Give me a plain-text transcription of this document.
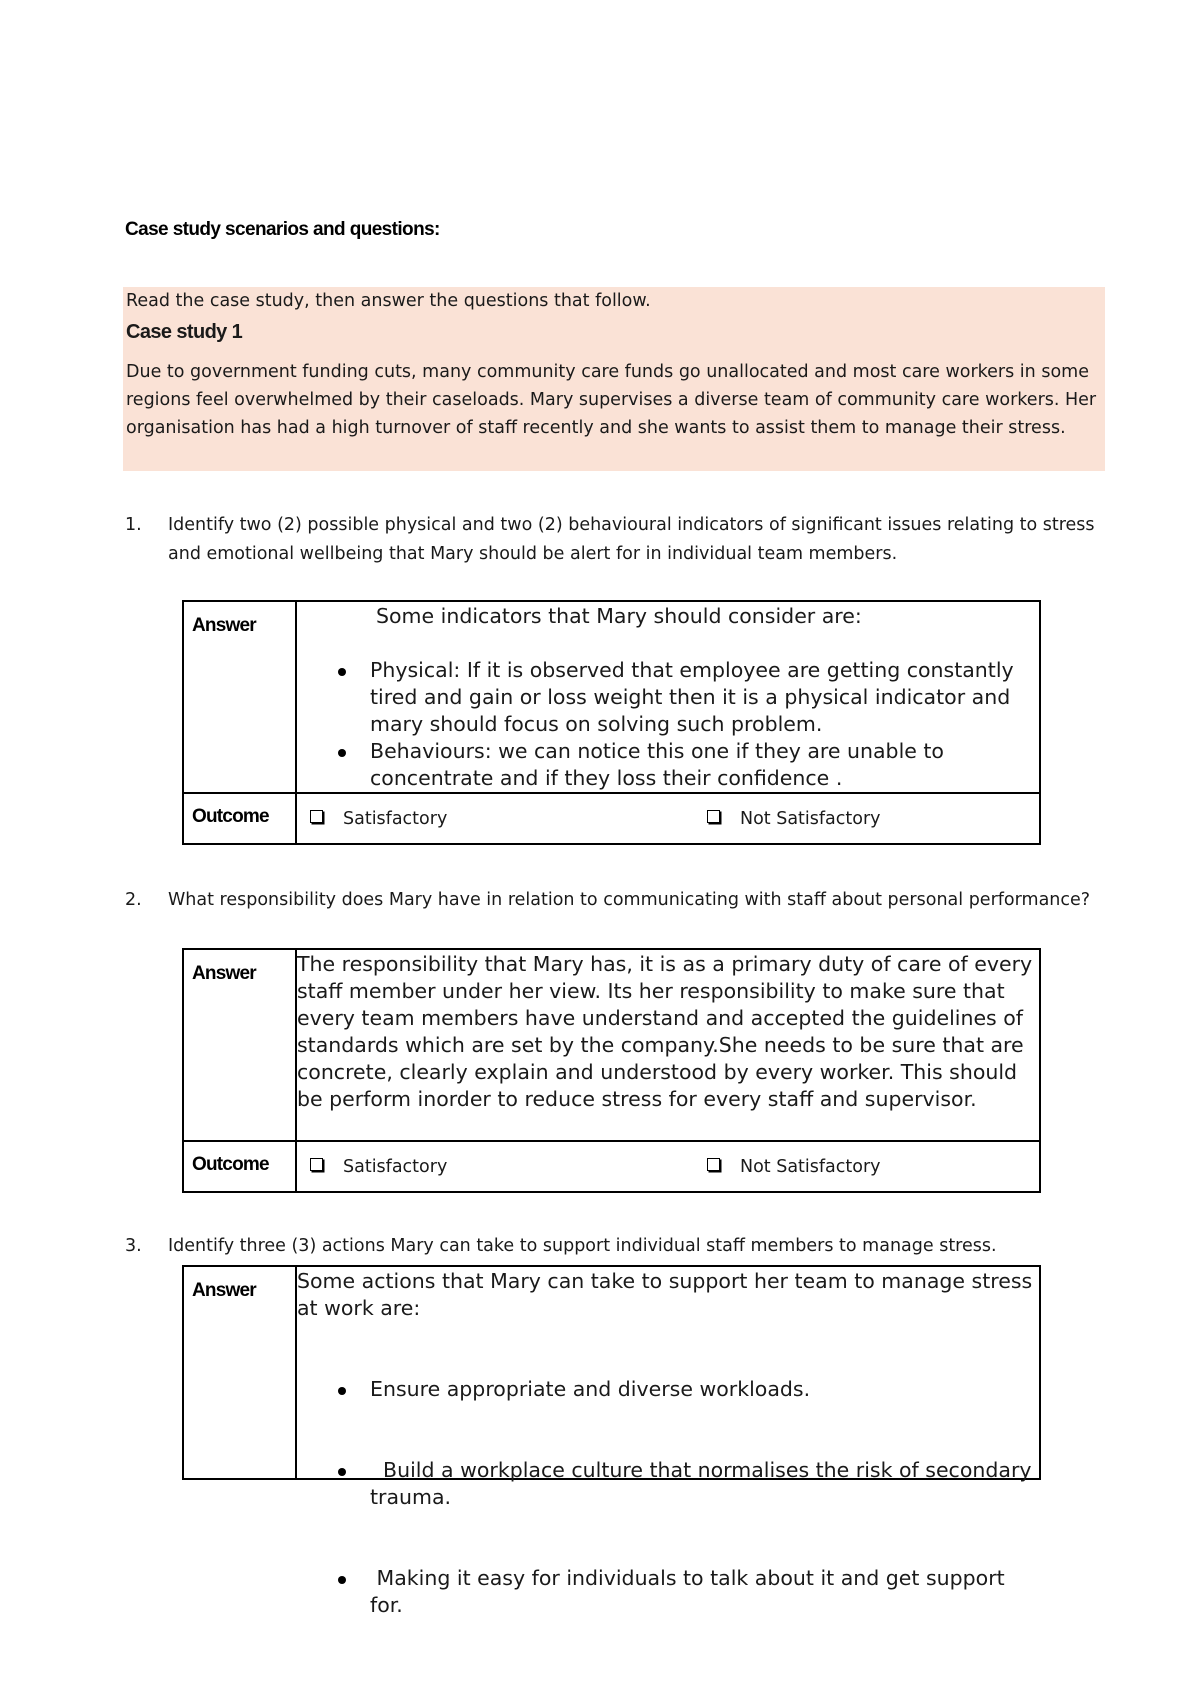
Case study scenarios and questions:
Read the case study, then answer the questions that follow.
Case study 1
Due to government funding cuts, many community care funds go unallocated and most care workers in some regions feel overwhelmed by their caseloads. Mary supervises a diverse team of community care workers. Her organisation has had a high turnover of staff recently and she wants to assist them to manage their stress.
1. Identify two (2) possible physical and two (2) behavioural indicators of significant issues relating to stress and emotional wellbeing that Mary should be alert for in individual team members.
Answer	Some indicators that Mary should consider are:
Physical: If it is observed that employee are getting constantly tired and gain or loss weight then it is a physical indicator and mary should focus on solving such problem.
Behaviours: we can notice this one if they are unable to concentrate and if they loss their confidence .
Outcome	Satisfactory	Not Satisfactory
2. What responsibility does Mary have in relation to communicating with staff about personal performance?
Answer	The responsibility that Mary has, it is as a primary duty of care of every staff member under her view. Its her responsibility to make sure that every team members have understand and accepted the guidelines of standards which are set by the company.She needs to be sure that are concrete, clearly explain and understood by every worker. This should be perform inorder to reduce stress for every staff and supervisor.
Outcome	Satisfactory	Not Satisfactory
3. Identify three (3) actions Mary can take to support individual staff members to manage stress.
Answer	Some actions that Mary can take to support her team to manage stress at work are:

Ensure appropriate and diverse workloads.

Build a workplace culture that normalises the risk of secondary trauma.

Making it easy for individuals to talk about it and get support for.
